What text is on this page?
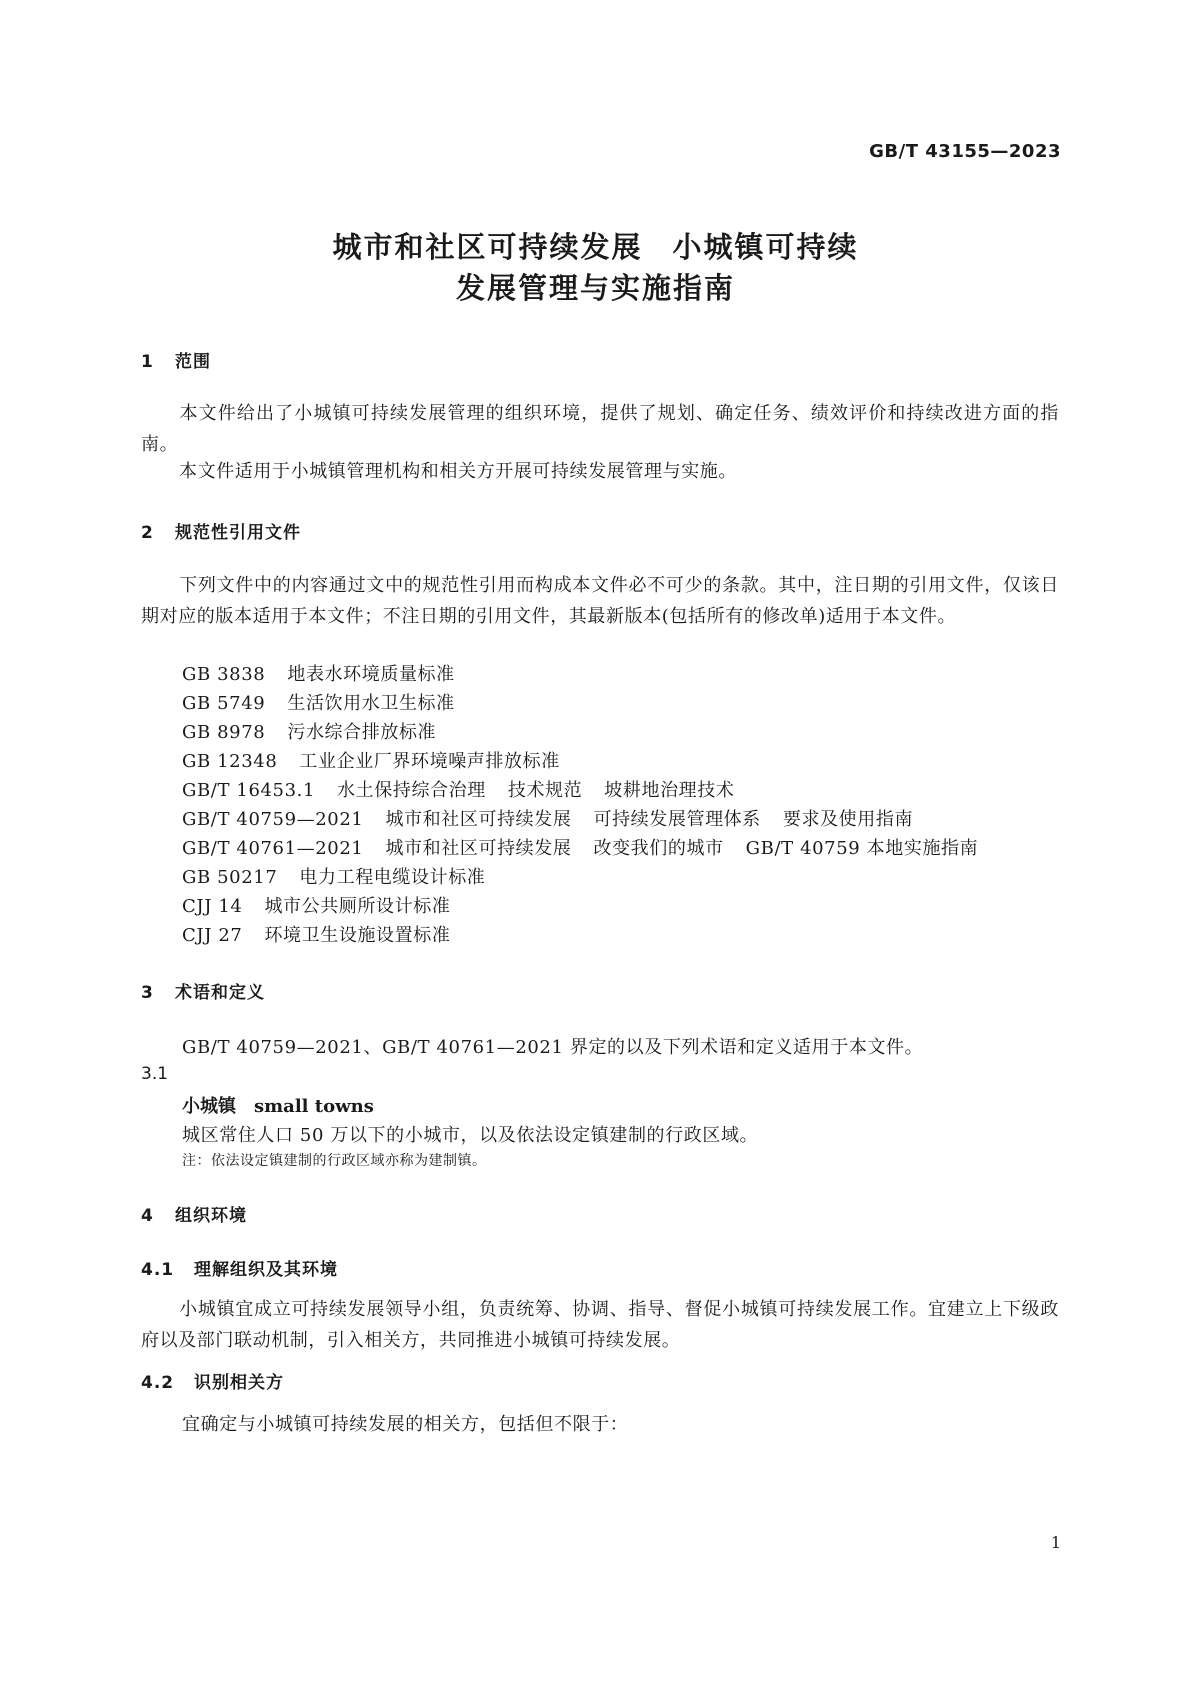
GB/T 43155—2023
城市和社区可持续发展 小城镇可持续
发展管理与实施指南
1 范围
本文件给出了小城镇可持续发展管理的组织环境，提供了规划、确定任务、绩效评价和持续改进方面的指南。
本文件适用于小城镇管理机构和相关方开展可持续发展管理与实施。
2 规范性引用文件
下列文件中的内容通过文中的规范性引用而构成本文件必不可少的条款。其中，注日期的引用文件，仅该日期对应的版本适用于本文件；不注日期的引用文件，其最新版本(包括所有的修改单)适用于本文件。
GB 3838 地表水环境质量标准
GB 5749 生活饮用水卫生标准
GB 8978 污水综合排放标准
GB 12348 工业企业厂界环境噪声排放标准
GB/T 16453.1 水土保持综合治理 技术规范 坡耕地治理技术
GB/T 40759—2021 城市和社区可持续发展 可持续发展管理体系 要求及使用指南
GB/T 40761—2021 城市和社区可持续发展 改变我们的城市 GB/T 40759 本地实施指南
GB 50217 电力工程电缆设计标准
CJJ 14 城市公共厕所设计标准
CJJ 27 环境卫生设施设置标准
3 术语和定义
GB/T 40759—2021、GB/T 40761—2021 界定的以及下列术语和定义适用于本文件。
3.1
小城镇 small towns
城区常住人口 50 万以下的小城市，以及依法设定镇建制的行政区域。
注：依法设定镇建制的行政区域亦称为建制镇。
4 组织环境
4.1 理解组织及其环境
小城镇宜成立可持续发展领导小组，负责统筹、协调、指导、督促小城镇可持续发展工作。宜建立上下级政府以及部门联动机制，引入相关方，共同推进小城镇可持续发展。
4.2 识别相关方
宜确定与小城镇可持续发展的相关方，包括但不限于：
1
